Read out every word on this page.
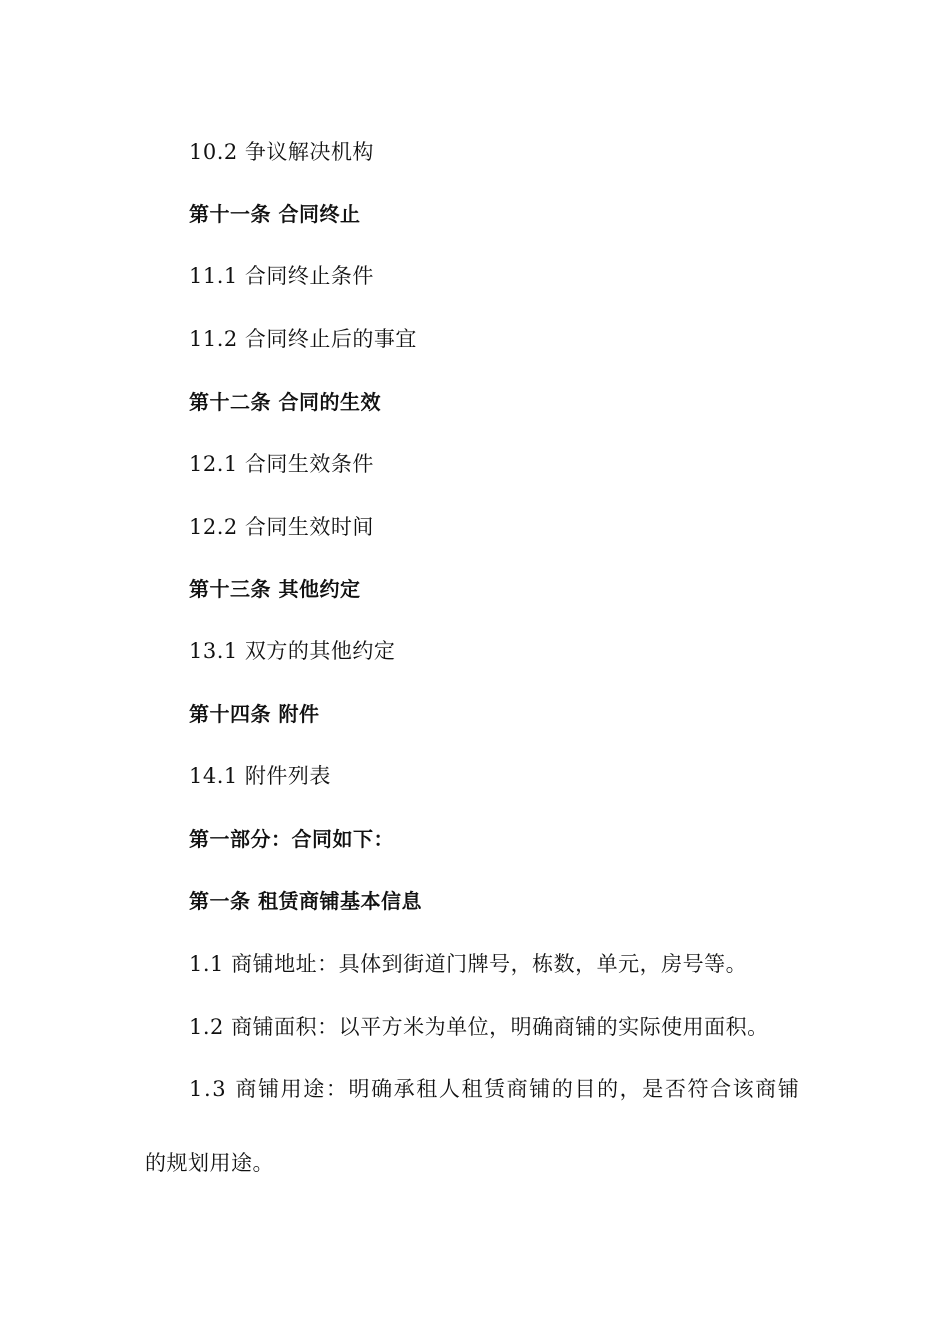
10.2 争议解决机构
第十一条 合同终止
11.1 合同终止条件
11.2 合同终止后的事宜
第十二条 合同的生效
12.1 合同生效条件
12.2 合同生效时间
第十三条 其他约定
13.1 双方的其他约定
第十四条 附件
14.1 附件列表
第一部分：合同如下：
第一条 租赁商铺基本信息
1.1 商铺地址：具体到街道门牌号，栋数，单元，房号等。
1.2 商铺面积：以平方米为单位，明确商铺的实际使用面积。
1.3 商铺用途：明确承租人租赁商铺的目的，是否符合该商铺
的规划用途。
